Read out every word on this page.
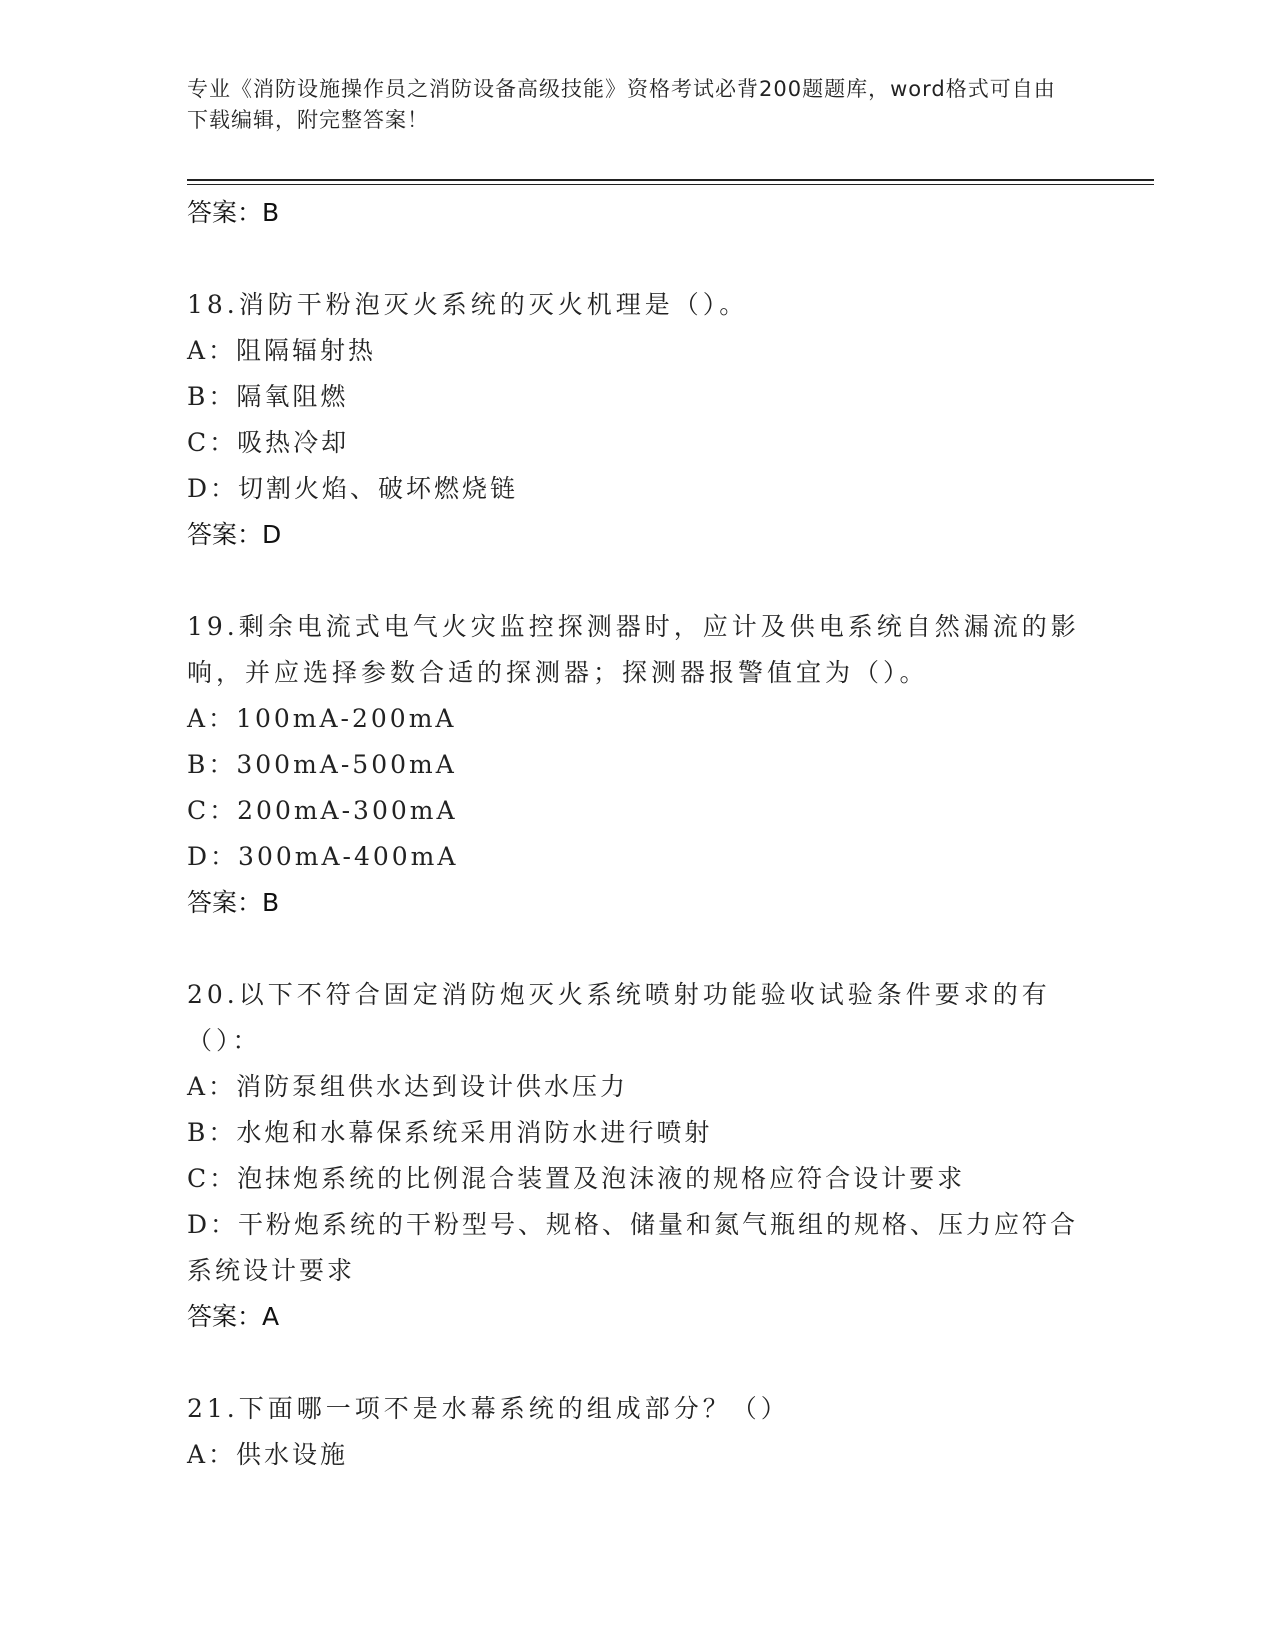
专业《消防设施操作员之消防设备高级技能》资格考试必背200题题库，word格式可自由下载编辑，附完整答案！
答案：B
18.消防干粉泡灭火系统的灭火机理是（）。
A：阻隔辐射热
B：隔氧阻燃
C：吸热冷却
D：切割火焰、破坏燃烧链
答案：D
19.剩余电流式电气火灾监控探测器时，应计及供电系统自然漏流的影响，并应选择参数合适的探测器；探测器报警值宜为（）。
A：100mA-200mA
B：300mA-500mA
C：200mA-300mA
D：300mA-400mA
答案：B
20.以下不符合固定消防炮灭火系统喷射功能验收试验条件要求的有（）：
A：消防泵组供水达到设计供水压力
B：水炮和水幕保系统采用消防水进行喷射
C：泡抹炮系统的比例混合装置及泡沫液的规格应符合设计要求
D：干粉炮系统的干粉型号、规格、储量和氮气瓶组的规格、压力应符合系统设计要求
答案：A
21.下面哪一项不是水幕系统的组成部分？（）
A：供水设施
